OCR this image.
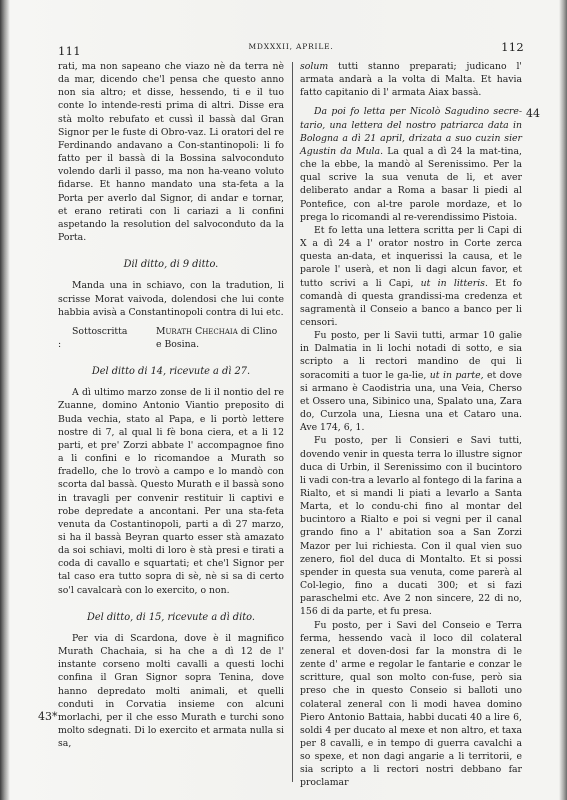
111	MDXXXII, APRILE.	112

rati, ma non sapeano che viazo nè da terra nè da mar, dicendo che'l pensa che questo anno non sia altro; et disse, hessendo, ti e il tuo conte lo intende-resti prima di altri. Disse era stà molto rebufato et cussì il bassà dal Gran Signor per le fuste di Obro-vaz. Li oratori del re Ferdinando andavano a Con-stantinopoli: li fo fatto per il bassà di la Bossina salvoconduto volendo darli il passo, ma non ha-veano voluto fidarse. Et hanno mandato una sta-feta a la Porta per averlo dal Signor, di andar e tornar, et erano retirati con li cariazi a li confini aspetando la resolution del salvoconduto da la Porta.

Dil ditto, di 9 ditto.

Manda una in schiavo, con la tradution, li scrisse Morat vaivoda, dolendosi che lui conte habbia avisà a Constantinopoli contra di lui etc.

Sottoscritta :
Murath Chechaia di Clino e Bosina.

Del ditto di 14, ricevute a dì 27.

A dì ultimo marzo zonse de li il nontio del re Zuanne, domino Antonio Viantio preposito di Buda vechia, stato al Papa, e li portò lettere nostre di 7, al qual li fè bona ciera, et a li 12 parti, et pre' Zorzi abbate l' accompagnoe fino a li confini e lo ricomandoe a Murath so fradello, che lo trovò a campo e lo mandò con scorta dal bassà. Questo Murath e il bassà sono in travagli per convenir restituir li captivi e robe depredate a ancontani. Per una sta-feta venuta da Costantinopoli, parti a dì 27 marzo, si ha il bassà Beyran quarto esser stà amazato da soi schiavi, molti di loro è stà presi e tirati a coda di cavallo e squartati; et che'l Signor per tal caso era tutto sopra di sè, nè si sa di certo so'l cavalcarà con lo exercito, o non.

Del ditto, di 15, ricevute a dì dito.

Per via di Scardona, dove è il magnifico Murath Chachaia, si ha che a dì 12 de l' instante corseno molti cavalli a questi lochi confina il Gran Signor sopra Tenina, dove hanno depredato molti animali, et quelli conduti in Corvatia insieme con alcuni morlachi, per il che esso Murath e turchi sono molto sdegnati. Di lo exercito et armata nulla si sa,

solum tutti stanno preparati; judicano l' armata andarà a la volta di Malta. Et havia fatto capitanio di l' armata Aiax bassà.

Da poi fo letta per Nicolò Sagudino secre-tario, una lettera del nostro patriarca data in Bologna a dì 21 april, drizata a suo cuzin sier Agustin da Mula. La qual a dì 24 la mat-tina, che la ebbe, la mandò al Serenissimo. Per la qual scrive la sua venuta de li, et aver deliberato andar a Roma a basar li piedi al Pontefice, con al-tre parole mordaze, et lo prega lo ricomandi al re-verendissimo Pistoia.

Et fo letta una lettera scritta per li Capi di X a dì 24 a l' orator nostro in Corte zerca questa an-data, et inquerissi la causa, et le parole l' userà, et non li dagi alcun favor, et tutto scrivi a li Capi, ut in litteris. Et fo comandà di questa grandissi-ma credenza et sagramentà il Conseio a banco a banco per li censori.

Fu posto, per li Savii tutti, armar 10 galie in Dalmatia in li lochi notadi di sotto, e sia scripto a li rectori mandino de qui li soracomiti a tuor le ga-lie, ut in parte, et dove si armano è Caodistria una, una Veia, Cherso et Ossero una, Sibinico una, Spalato una, Zara do, Curzola una, Liesna una et Cataro una. Ave 174, 6, 1.

Fu posto, per li Consieri e Savi tutti, dovendo venir in questa terra lo illustre signor duca di Urbin, il Serenissimo con il bucintoro li vadi con-tra a levarlo al fontego di la farina a Rialto, et si mandi li piati a levarlo a Santa Marta, et lo condu-chi fino al montar del bucintoro a Rialto e poi si vegni per il canal grando fino a l' abitation soa a San Zorzi Mazor per lui richiesta. Con il qual vien suo zenero, fiol del duca di Montalto. Et si possi spender in questa sua venuta, come parerà al Col-legio, fino a ducati 300; et si fazi paraschelmi etc. Ave 2 non sincere, 22 di no, 156 di da parte, et fu presa.

Fu posto, per i Savi del Conseio e Terra ferma, hessendo vacà il loco dil colateral zeneral et doven-dosi far la monstra di le zente d' arme e regolar le fantarie e conzar le scritture, qual son molto con-fuse, però sia preso che in questo Conseio si balloti uno colateral zeneral con li modi havea domino Piero Antonio Battaia, habbi ducati 40 a lire 6, soldi 4 per ducato al mexe et non altro, et taxa per 8 cavalli, e in tempo di guerra cavalchi a so spexe, et non dagi angarie a li territorii, e sia scripto a li rectori nostri debbano far proclamar

44
43*
